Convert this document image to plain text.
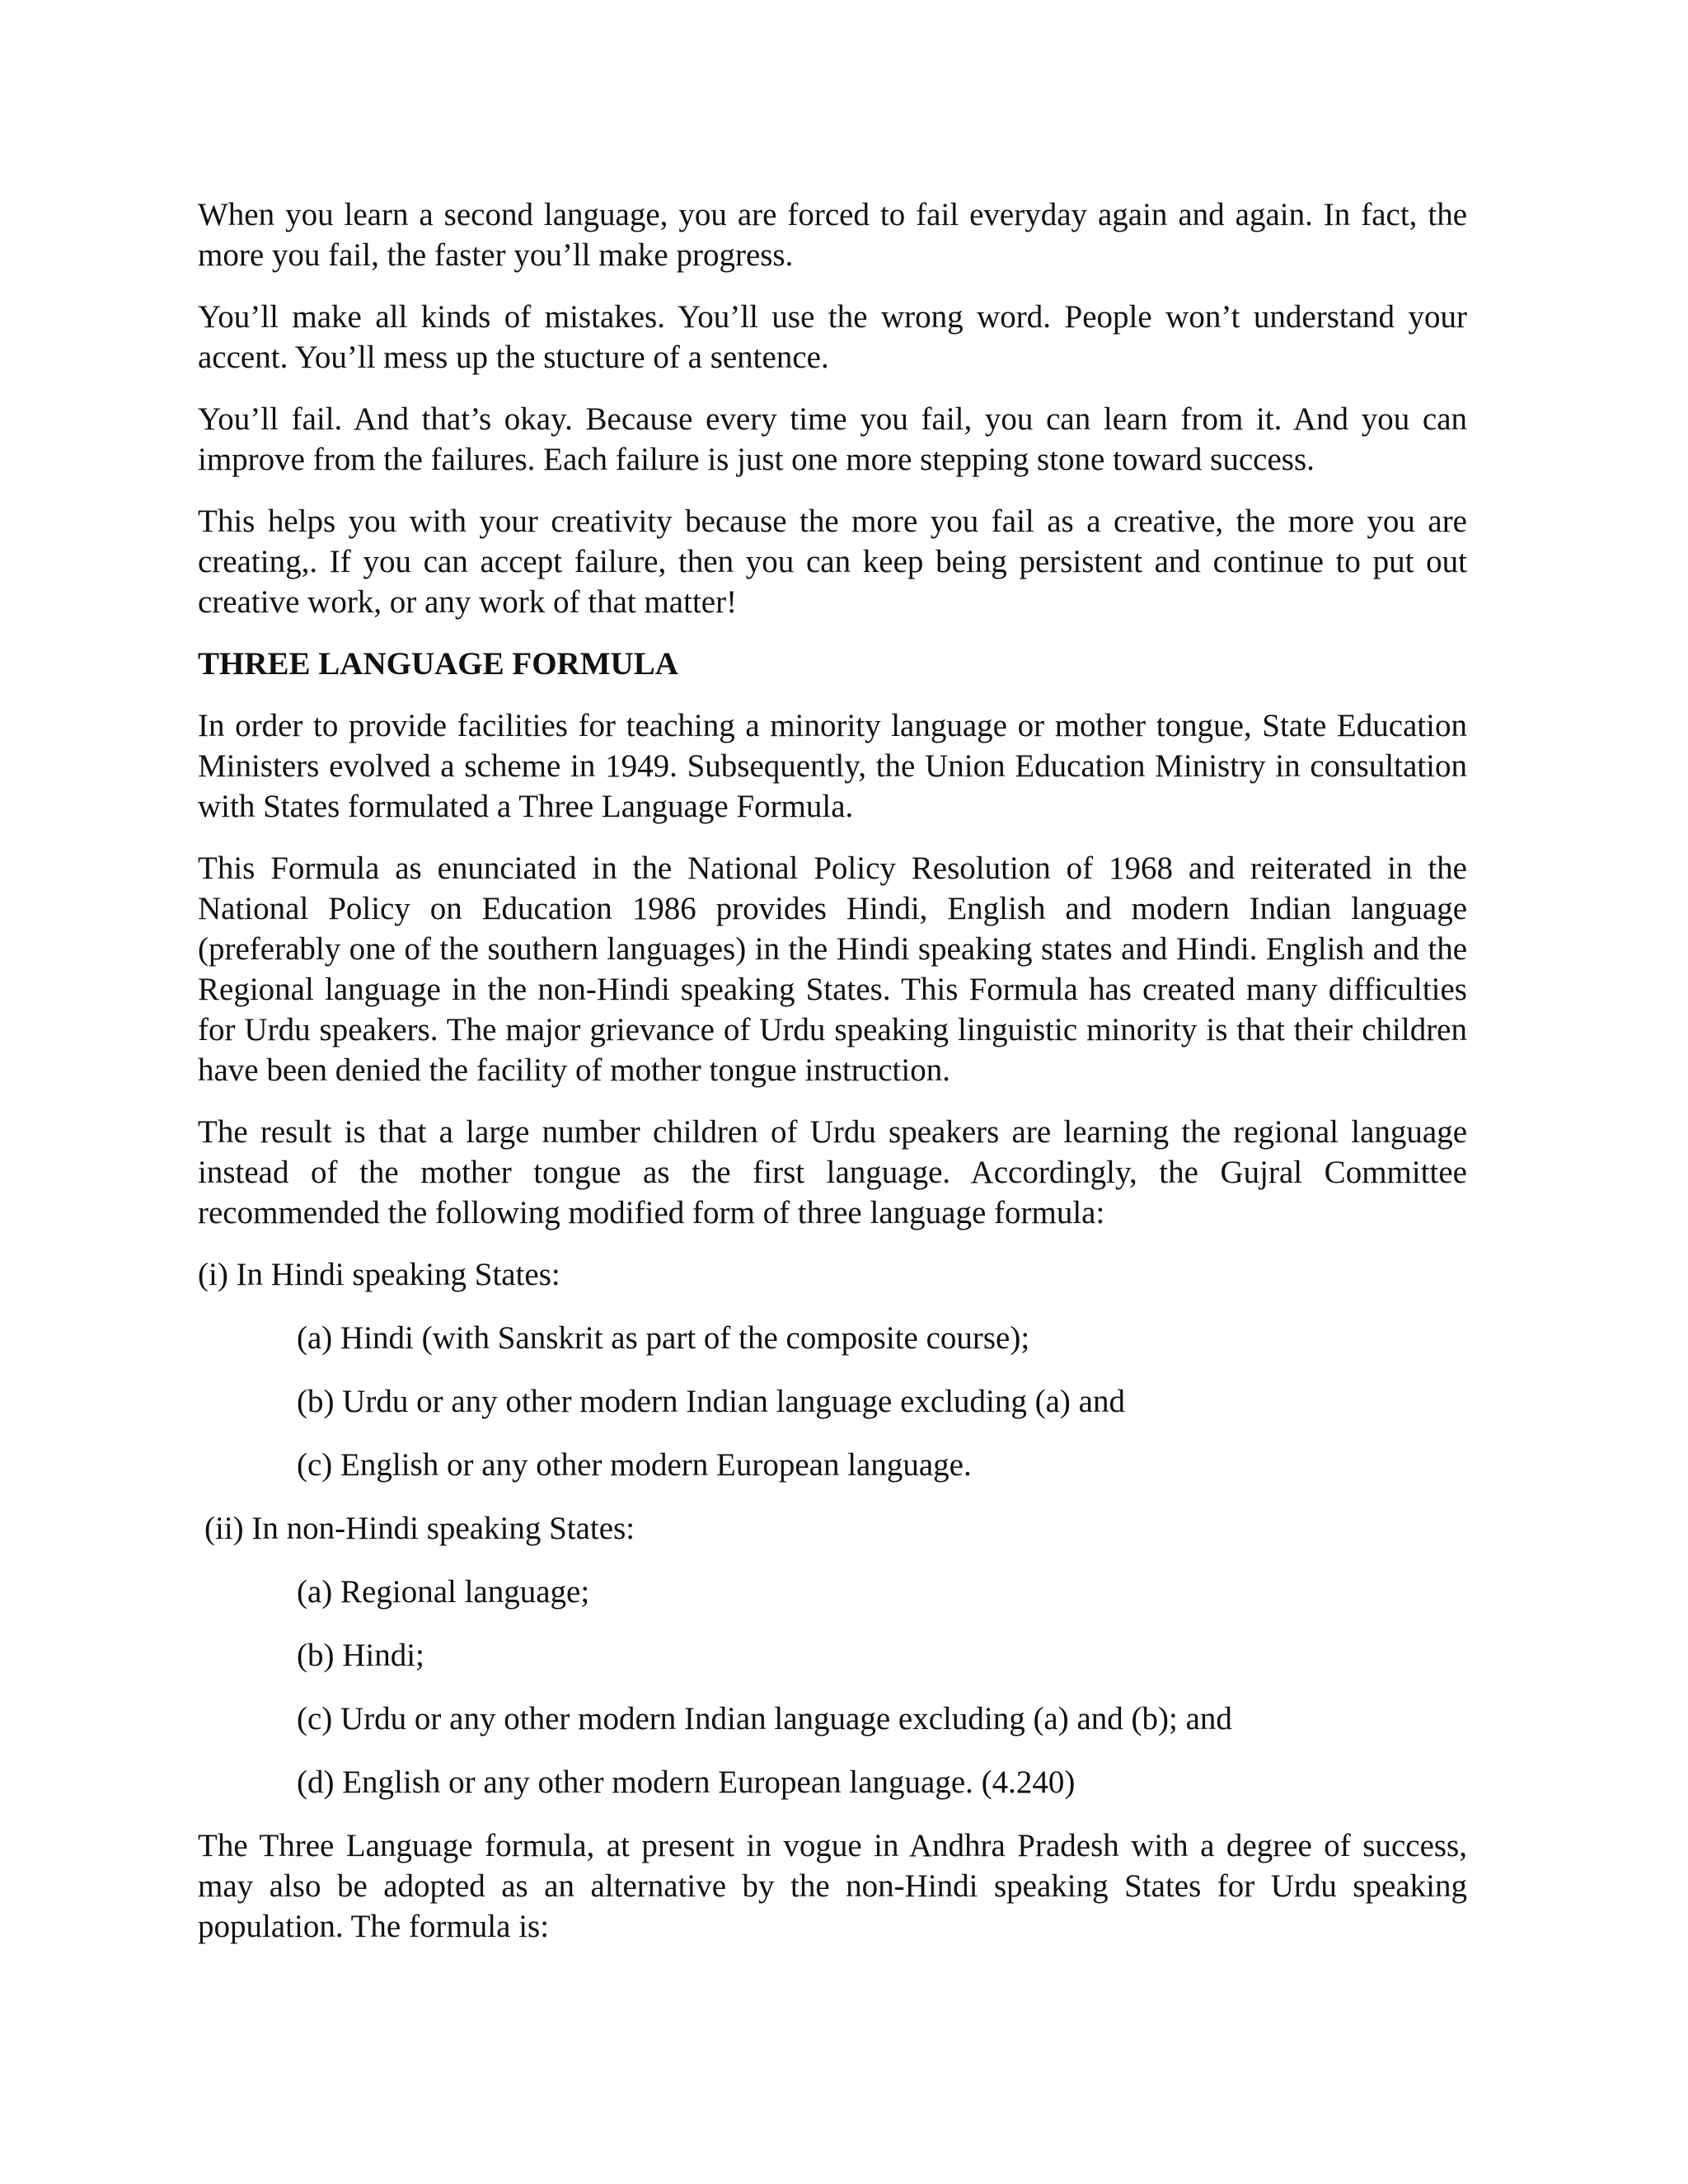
When you learn a second language, you are forced to fail everyday again and again. In fact, the more you fail, the faster you’ll make progress.

You’ll make all kinds of mistakes. You’ll use the wrong word. People won’t understand your accent. You’ll mess up the stucture of a sentence.

You’ll fail. And that’s okay. Because every time you fail, you can learn from it. And you can improve from the failures. Each failure is just one more stepping stone toward success.

This helps you with your creativity because the more you fail as a creative, the more you are creating,. If you can accept failure, then you can keep being persistent and continue to put out creative work, or any work of that matter!

THREE LANGUAGE FORMULA

In order to provide facilities for teaching a minority language or mother tongue, State Education Ministers evolved a scheme in 1949. Subsequently, the Union Education Ministry in consultation with States formulated a Three Language Formula.

This Formula as enunciated in the National Policy Resolution of 1968 and reiterated in the National Policy on Education 1986 provides Hindi, English and modern Indian language (preferably one of the southern languages) in the Hindi speaking states and Hindi. English and the Regional language in the non-Hindi speaking States. This Formula has created many difficulties for Urdu speakers. The major grievance of Urdu speaking linguistic minority is that their children have been denied the facility of mother tongue instruction.

The result is that a large number children of Urdu speakers are learning the regional language instead of the mother tongue as the first language. Accordingly, the Gujral Committee recommended the following modified form of three language formula:

(i) In Hindi speaking States:

(a) Hindi (with Sanskrit as part of the composite course);

(b) Urdu or any other modern Indian language excluding (a) and

(c) English or any other modern European language.

(ii) In non-Hindi speaking States:

(a) Regional language;

(b) Hindi;

(c) Urdu or any other modern Indian language excluding (a) and (b); and

(d) English or any other modern European language. (4.240)

The Three Language formula, at present in vogue in Andhra Pradesh with a degree of success, may also be adopted as an alternative by the non-Hindi speaking States for Urdu speaking population. The formula is:
